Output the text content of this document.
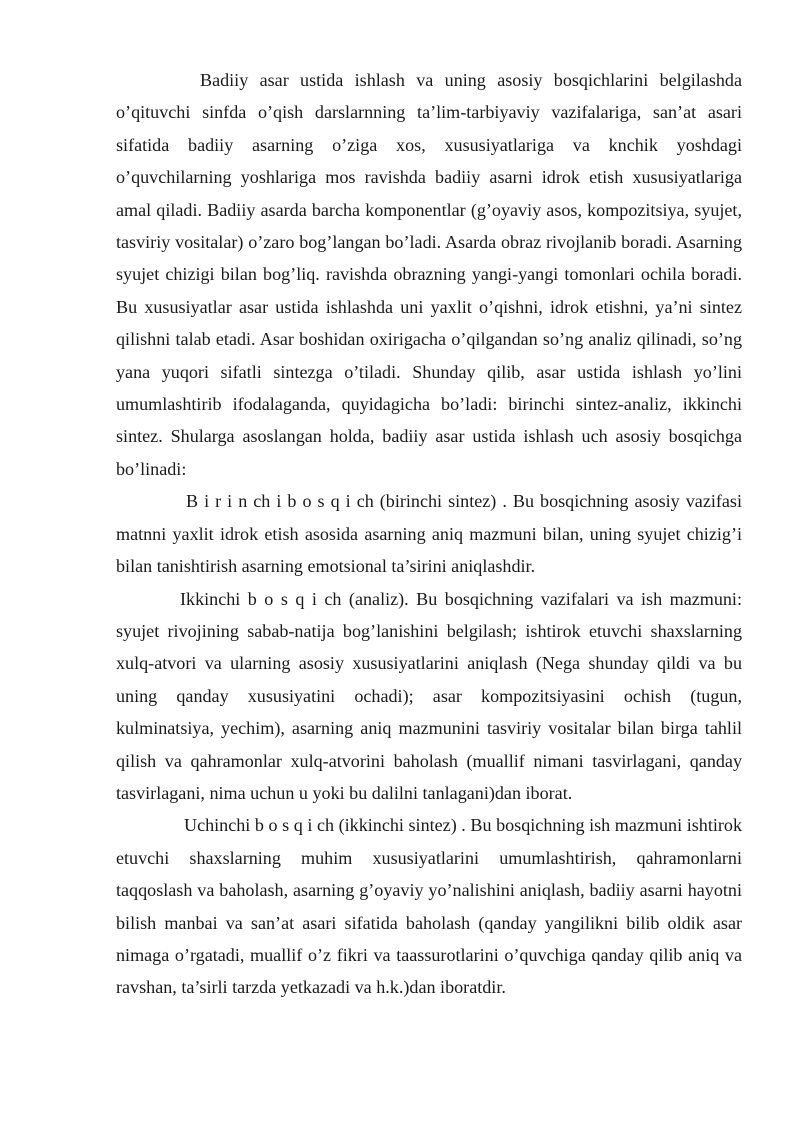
Badiiy asar ustida ishlash va uning asosiy bosqichlarini belgilashda o’qituvchi sinfda o’qish darslarnning ta’lim-tarbiyaviy vazifalariga, san’at asari sifatida badiiy asarning o’ziga xos, xususiyatlariga va knchik yoshdagi o’quvchilarning yoshlariga mos ravishda badiiy asarni idrok etish xususiyatlariga amal qiladi. Badiiy asarda barcha komponentlar (g’oyaviy asos, kompozitsiya, syujet, tasviriy vositalar) o’zaro bog’langan bo’ladi. Asarda obraz rivojlanib boradi. Asarning syujet chizigi bilan bog’liq. ravishda obrazning yangi-yangi tomonlari ochila boradi. Bu xususiyatlar asar ustida ishlashda uni yaxlit o’qishni, idrok etishni, ya’ni sintez qilishni talab etadi. Asar boshidan oxirigacha o’qilgandan so’ng analiz qilinadi, so’ng yana yuqori sifatli sintezga o’tiladi. Shunday qilib, asar ustida ishlash yo’lini umumlashtirib ifodalaganda, quyidagicha bo’ladi: birinchi sintez-analiz, ikkinchi sintez. Shularga asoslangan holda, badiiy asar ustida ishlash uch asosiy bosqichga bo’linadi:

B i r i n ch i b o s q i ch (birinchi sintez) . Bu bosqichning asosiy vazifasi matnni yaxlit idrok etish asosida asarning aniq mazmuni bilan, uning syujet chizig’i bilan tanishtirish asarning emotsional ta’sirini aniqlashdir.

Ikkinchi b o s q i ch (analiz). Bu bosqichning vazifalari va ish mazmuni: syujet rivojining sabab-natija bog’lanishini belgilash; ishtirok etuvchi shaxslarning xulq-atvori va ularning asosiy xususiyatlarini aniqlash (Nega shunday qildi va bu uning qanday xususiyatini ochadi); asar kompozitsiyasini ochish (tugun, kulminatsiya, yechim), asarning aniq mazmunini tasviriy vositalar bilan birga tahlil qilish va qahramonlar xulq-atvorini baholash (muallif nimani tasvirlagani, qanday tasvirlagani, nima uchun u yoki bu dalilni tanlagani)dan iborat.

Uchinchi b o s q i ch (ikkinchi sintez) . Bu bosqichning ish mazmuni ishtirok etuvchi shaxslarning muhim xususiyatlarini umumlashtirish, qahramonlarni taqqoslash va baholash, asarning g’oyaviy yo’nalishini aniqlash, badiiy asarni hayotni bilish manbai va san’at asari sifatida baholash (qanday yangilikni bilib oldik asar nimaga o’rgatadi, muallif o’z fikri va taassurotlarini o’quvchiga qanday qilib aniq va ravshan, ta’sirli tarzda yetkazadi va h.k.)dan iboratdir.
